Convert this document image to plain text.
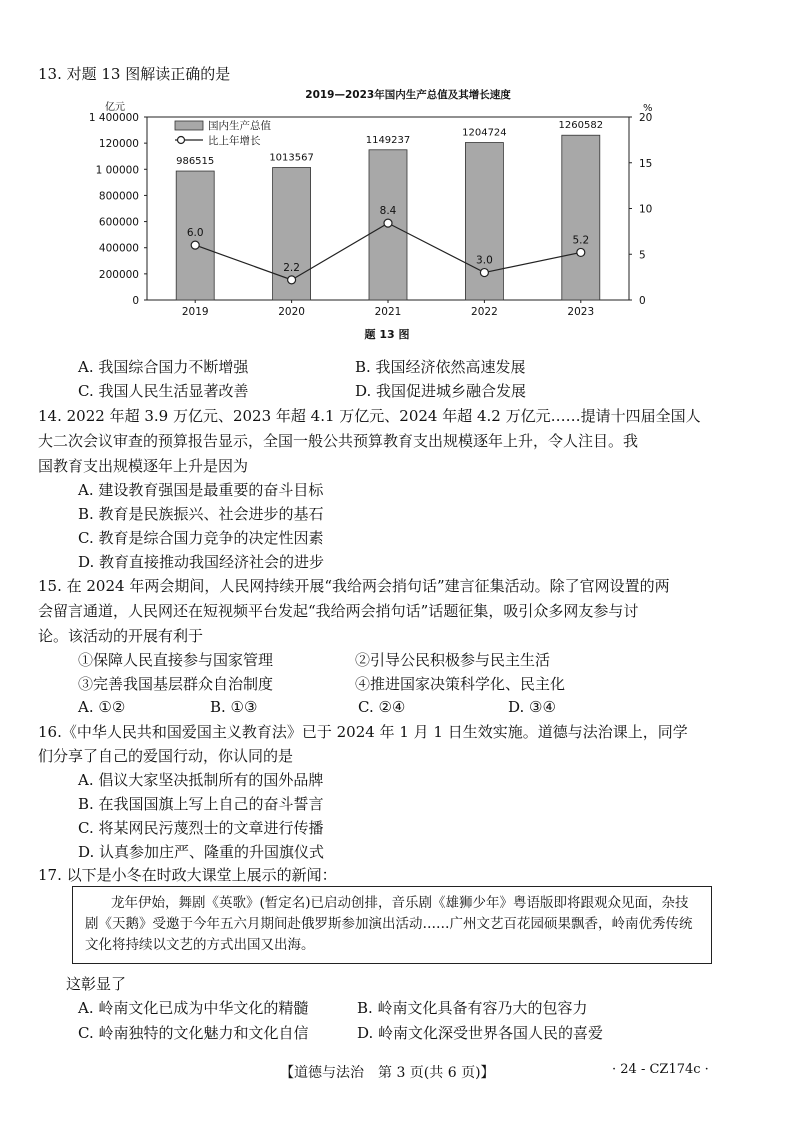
13. 对题 13 图解读正确的是
2019—2023年国内生产总值及其增长速度
亿元	%
1 400000
120000
1 00000
800000
600000
400000
200000
0
20
15
10
5
0
986515	1013567
1149237
1204724
1260582
2019	2020	2021	2022	2023
6.0
2.2
8.4
3.0
5.2
国内生产总值
比上年增长
题 13 图
A. 我国综合国力不断增强	B. 我国经济依然高速发展
C. 我国人民生活显著改善	D. 我国促进城乡融合发展
14. 2022 年超 3.9 万亿元、2023 年超 4.1 万亿元、2024 年超 4.2 万亿元……提请十四届全国人
大二次会议审查的预算报告显示，全国一般公共预算教育支出规模逐年上升，令人注目。我
国教育支出规模逐年上升是因为
A. 建设教育强国是最重要的奋斗目标
B. 教育是民族振兴、社会进步的基石
C. 教育是综合国力竞争的决定性因素
D. 教育直接推动我国经济社会的进步
15. 在 2024 年两会期间，人民网持续开展“我给两会捎句话”建言征集活动。除了官网设置的两
会留言通道，人民网还在短视频平台发起“我给两会捎句话”话题征集，吸引众多网友参与讨
论。该活动的开展有利于
①保障人民直接参与国家管理	②引导公民积极参与民主生活
③完善我国基层群众自治制度	④推进国家决策科学化、民主化
A. ①②	B. ①③	C. ②④	D. ③④
16.《中华人民共和国爱国主义教育法》已于 2024 年 1 月 1 日生效实施。道德与法治课上，同学
们分享了自己的爱国行动，你认同的是
A. 倡议大家坚决抵制所有的国外品牌
B. 在我国国旗上写上自己的奋斗誓言
C. 将某网民污蔑烈士的文章进行传播
D. 认真参加庄严、隆重的升国旗仪式
17. 以下是小冬在时政大课堂上展示的新闻：

龙年伊始，舞剧《英歌》(暂定名)已启动创排，音乐剧《雄狮少年》粤语版即将跟观众见面，杂技剧《天鹅》受邀于今年五六月期间赴俄罗斯参加演出活动……广州文艺百花园硕果飘香，岭南优秀传统文化将持续以文艺的方式出国又出海。

这彰显了
A. 岭南文化已成为中华文化的精髓	B. 岭南文化具备有容乃大的包容力
C. 岭南独特的文化魅力和文化自信	D. 岭南文化深受世界各国人民的喜爱
【道德与法治　第 3 页(共 6 页)】	· 24 - CZ174c ·
